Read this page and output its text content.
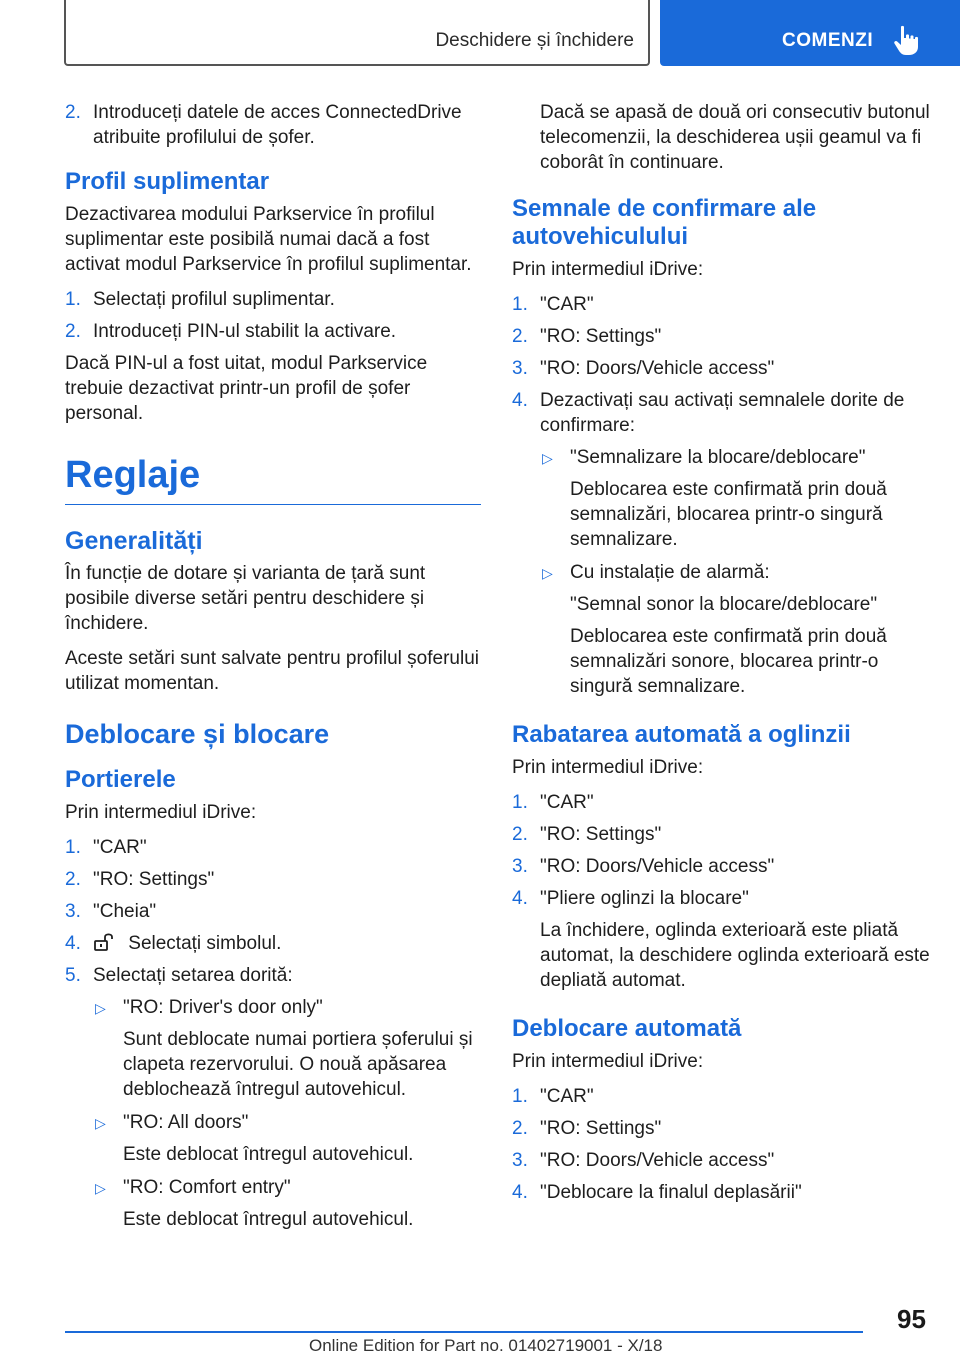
Deschidere și închidere	COMENZI
2. Introduceți datele de acces ConnectedDrive atribuite profilului de șofer.
Profil suplimentar

Dezactivarea modului Parkservice în profilul suplimentar este posibilă numai dacă a fost activat modul Parkservice în profilul suplimentar.

1. Selectați profilul suplimentar.
2. Introduceți PIN-ul stabilit la activare.

Dacă PIN-ul a fost uitat, modul Parkservice trebuie dezactivat printr-un profil de șofer personal.

Reglaje
Generalități

În funcție de dotare și varianta de țară sunt posibile diverse setări pentru deschidere și închidere.

Aceste setări sunt salvate pentru profilul șoferului utilizat momentan.

Deblocare și blocare
Portierele

Prin intermediul iDrive:

1. "CAR"
2. "RO: Settings"
3. "Cheia"
4. Selectați simbolul.
5. Selectați setarea dorită:
▷ "RO: Driver's door only"
Sunt deblocate numai portiera șoferului și clapeta rezervorului. O nouă apăsarea deblochează întregul autovehicul.
▷ "RO: All doors"
Este deblocat întregul autovehicul.
▷ "RO: Comfort entry"
Este deblocat întregul autovehicul.
Dacă se apasă de două ori consecutiv butonul telecomenzii, la deschiderea ușii geamul va fi coborât în continuare.
Semnale de confirmare ale autovehiculului

Prin intermediul iDrive:

1. "CAR"
2. "RO: Settings"
3. "RO: Doors/Vehicle access"
4. Dezactivați sau activați semnalele dorite de confirmare:
▷ "Semnalizare la blocare/deblocare"
Deblocarea este confirmată prin două semnalizări, blocarea printr-o singură semnalizare.
▷ Cu instalație de alarmă:
"Semnal sonor la blocare/deblocare"
Deblocarea este confirmată prin două semnalizări sonore, blocarea printr-o singură semnalizare.
Rabatarea automată a oglinzii

Prin intermediul iDrive:

1. "CAR"
2. "RO: Settings"
3. "RO: Doors/Vehicle access"
4. "Pliere oglinzi la blocare"
La închidere, oglinda exterioară este pliată automat, la deschidere oglinda exterioară este depliată automat.
Deblocare automată

Prin intermediul iDrive:

1. "CAR"
2. "RO: Settings"
3. "RO: Doors/Vehicle access"
4. "Deblocare la finalul deplasării"
95
Online Edition for Part no. 01402719001 - X/18
